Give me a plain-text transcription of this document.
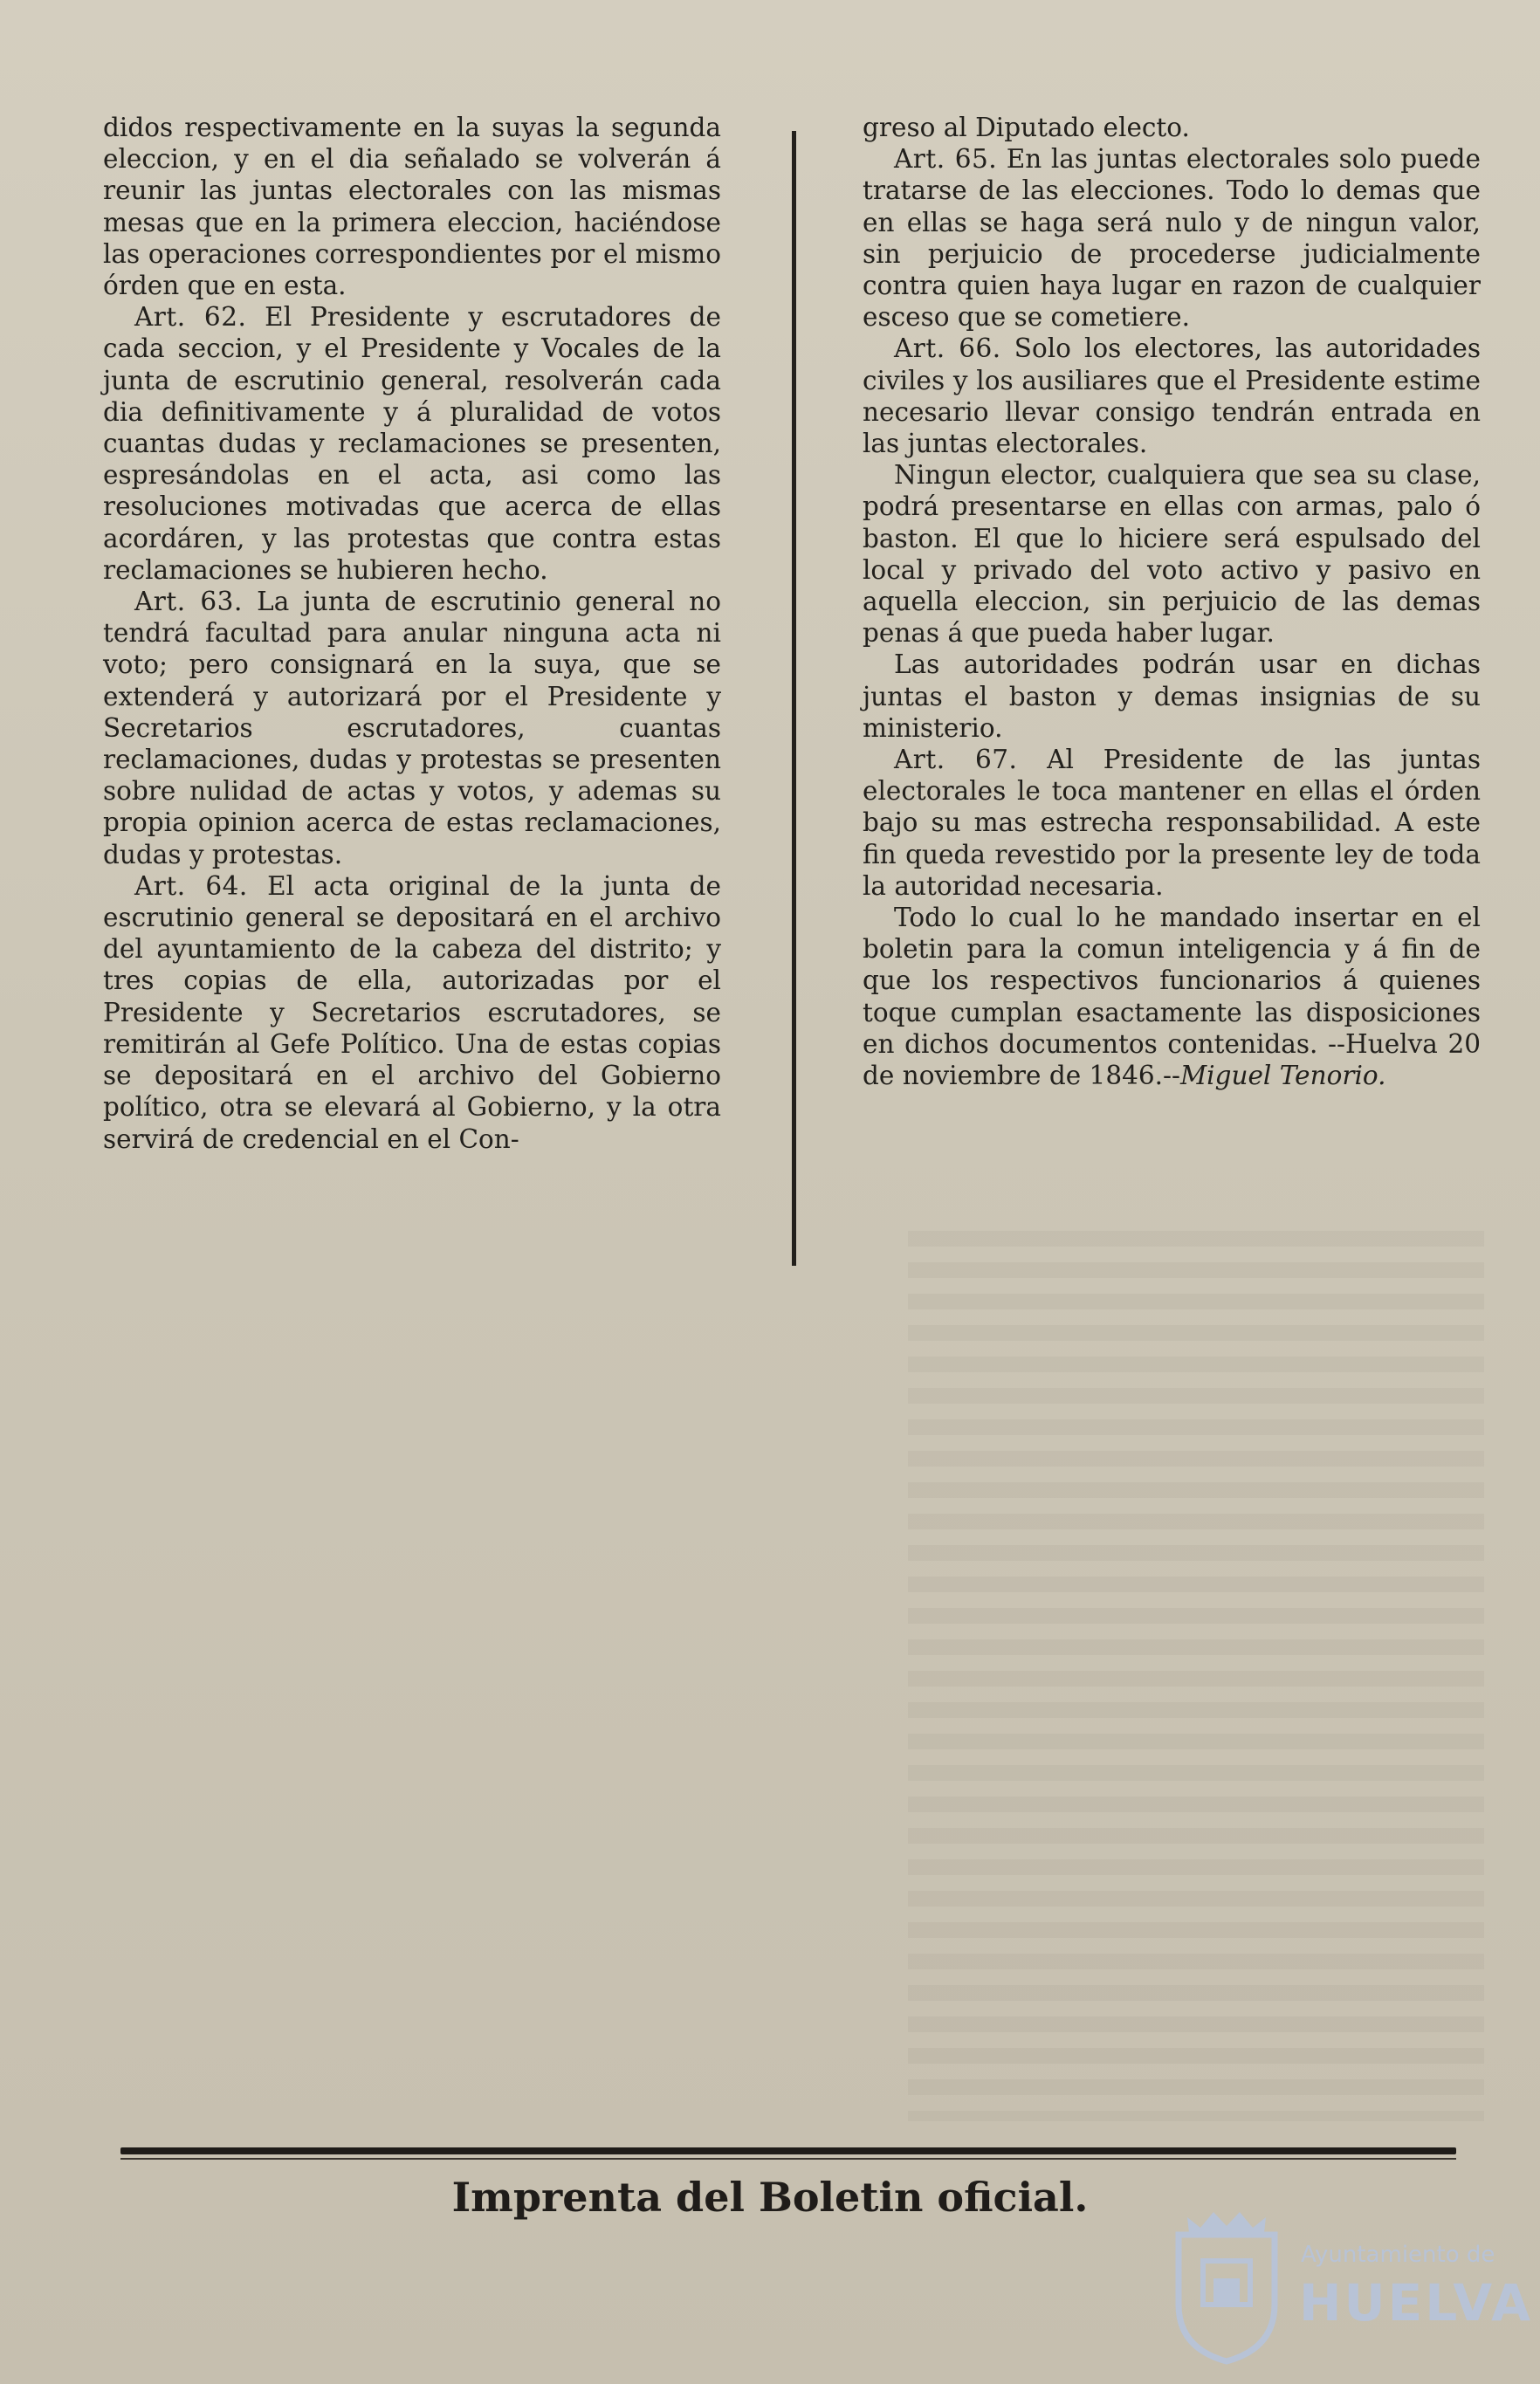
didos respectivamente en la suyas la segunda eleccion, y en el dia señalado se volverán á reunir las juntas electorales con las mismas mesas que en la primera eleccion, haciéndose las operaciones correspondientes por el mismo órden que en esta.

Art. 62. El Presidente y escrutadores de cada seccion, y el Presidente y Vocales de la junta de escrutinio general, resolverán cada dia definitivamente y á pluralidad de votos cuantas dudas y reclamaciones se presenten, espresándolas en el acta, asi como las resoluciones motivadas que acerca de ellas acordáren, y las protestas que contra estas reclamaciones se hubieren hecho.

Art. 63. La junta de escrutinio general no tendrá facultad para anular ninguna acta ni voto; pero consignará en la suya, que se extenderá y autorizará por el Presidente y Secretarios escrutadores, cuantas reclamaciones, dudas y protestas se presenten sobre nulidad de actas y votos, y ademas su propia opinion acerca de estas reclamaciones, dudas y protestas.

Art. 64. El acta original de la junta de escrutinio general se depositará en el archivo del ayuntamiento de la cabeza del distrito; y tres copias de ella, autorizadas por el Presidente y Secretarios escrutadores, se remitirán al Gefe Político. Una de estas copias se depositará en el archivo del Gobierno político, otra se elevará al Gobierno, y la otra servirá de credencial en el Con-

greso al Diputado electo.

Art. 65. En las juntas electorales solo puede tratarse de las elecciones. Todo lo demas que en ellas se haga será nulo y de ningun valor, sin perjuicio de procederse judicialmente contra quien haya lugar en razon de cualquier esceso que se cometiere.

Art. 66. Solo los electores, las autoridades civiles y los ausiliares que el Presidente estime necesario llevar consigo tendrán entrada en las juntas electorales.

Ningun elector, cualquiera que sea su clase, podrá presentarse en ellas con armas, palo ó baston. El que lo hiciere será espulsado del local y privado del voto activo y pasivo en aquella eleccion, sin perjuicio de las demas penas á que pueda haber lugar.

Las autoridades podrán usar en dichas juntas el baston y demas insignias de su ministerio.

Art. 67. Al Presidente de las juntas electorales le toca mantener en ellas el órden bajo su mas estrecha responsabilidad. A este fin queda revestido por la presente ley de toda la autoridad necesaria.

Todo lo cual lo he mandado insertar en el boletin para la comun inteligencia y á fin de que los respectivos funcionarios á quienes toque cumplan esactamente las disposiciones en dichos documentos contenidas. --Huelva 20 de noviembre de 1846.--Miguel Tenorio.

Imprenta del Boletin oficial.
Ayuntamiento de
HUELVA
